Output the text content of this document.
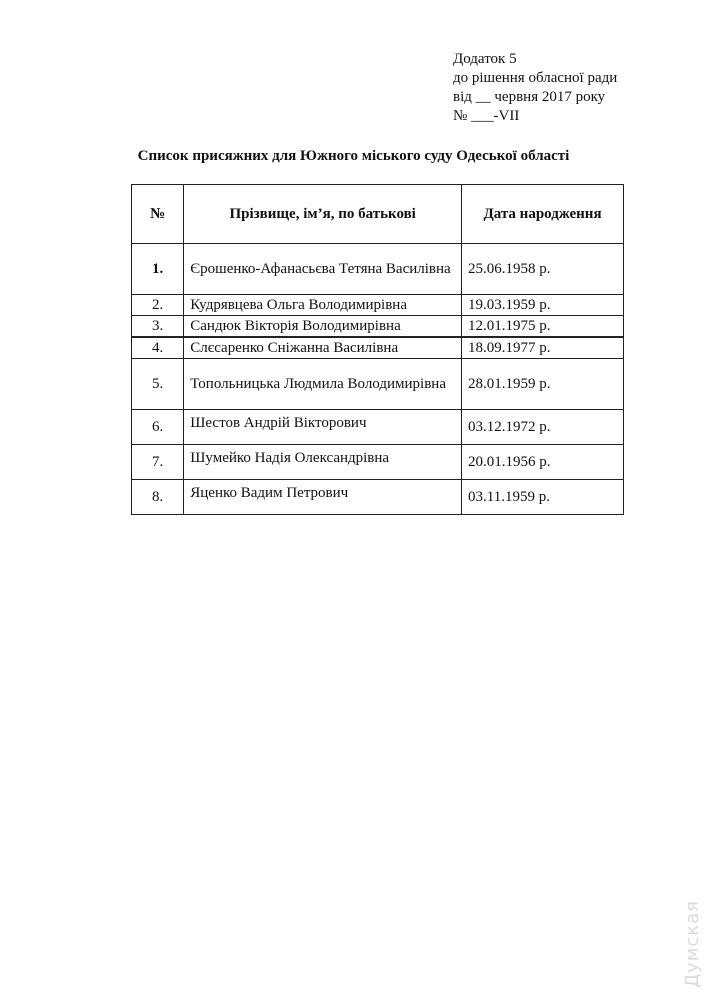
Додаток 5
до рішення обласної ради
від __ червня 2017 року
№ ___-VII
Список присяжних для Южного міського суду Одеської області
№	Прізвище, ім’я, по батькові	Дата народження
1.	Єрошенко-Афанасьєва Тетяна Василівна	25.06.1958 р.
2.	Кудрявцева Ольга Володимирівна	19.03.1959 р.
3.	Сандюк Вікторія Володимирівна	12.01.1975 р.
4.	Слєсаренко Сніжанна Василівна	18.09.1977 р.
5.	Топольницька Людмила Володимирівна	28.01.1959 р.
6.	Шестов Андрій Вікторович	03.12.1972 р.
7.	Шумейко Надія Олександрівна	20.01.1956 р.
8.	Яценко Вадим Петрович	03.11.1959 р.
Думская
